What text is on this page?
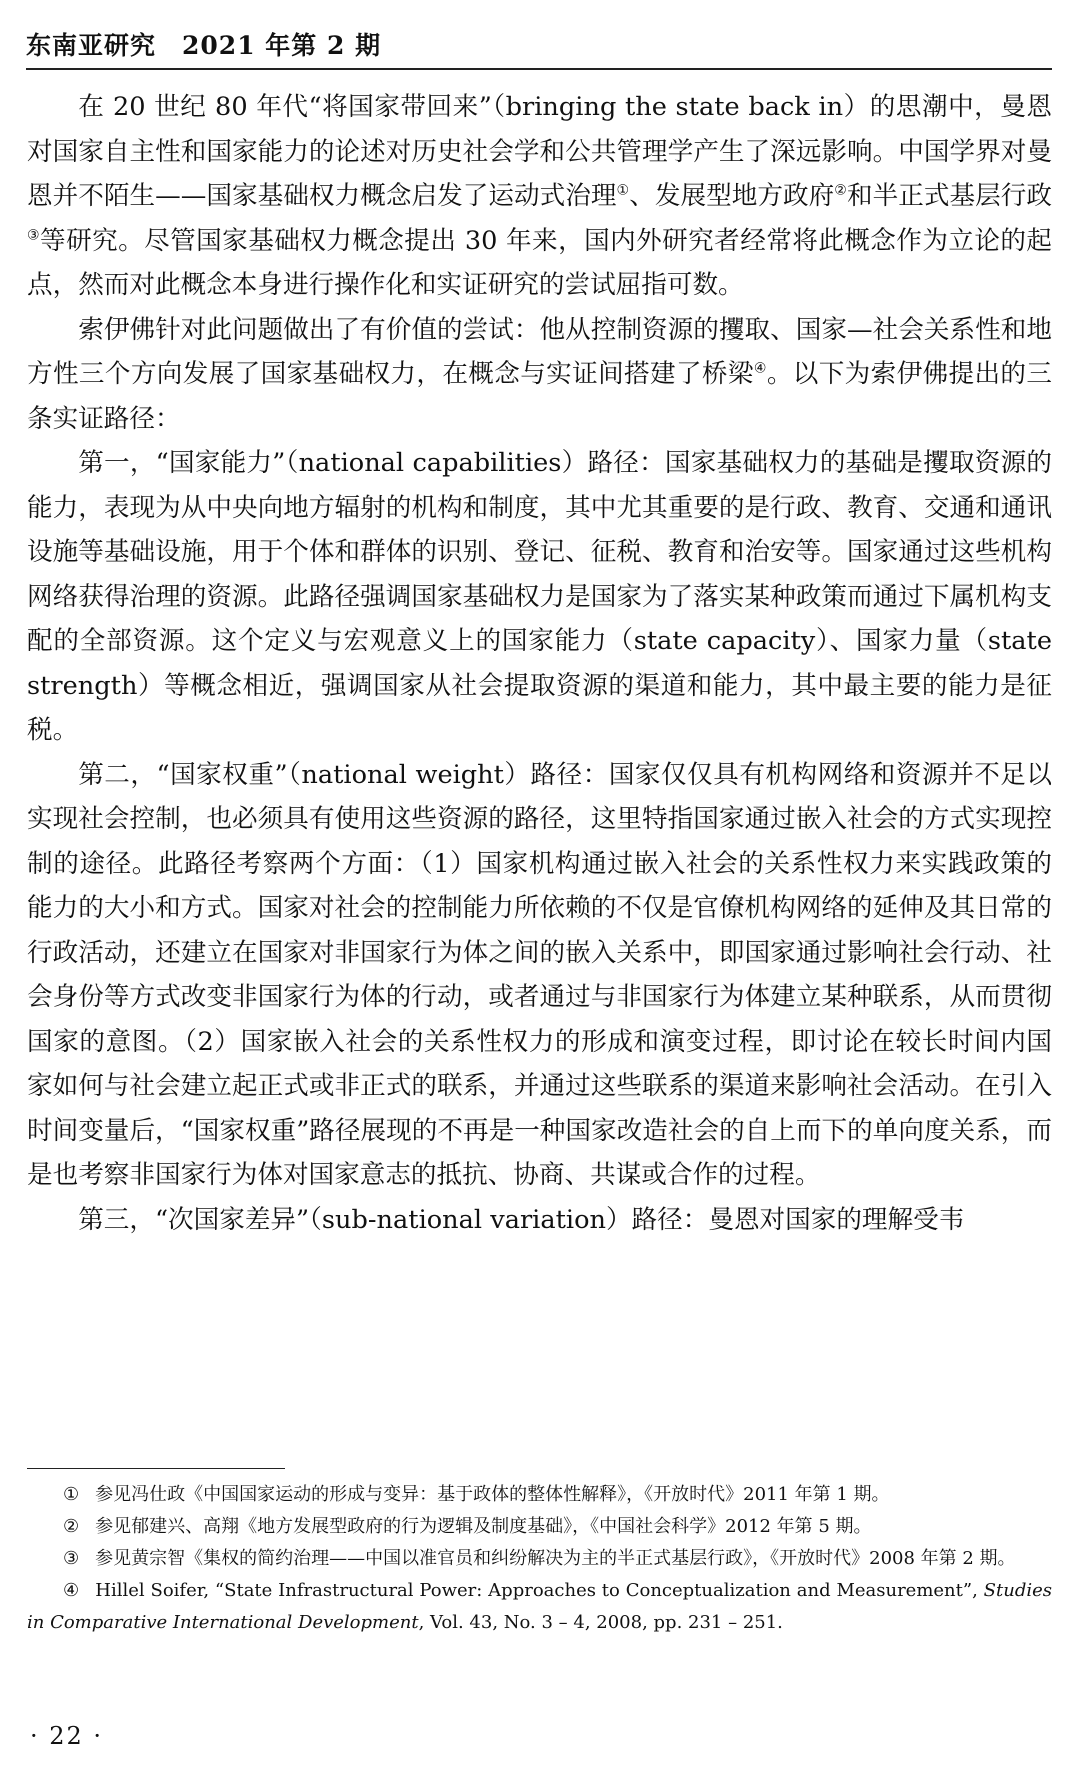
东南亚研究 2021 年第 2 期

在 20 世纪 80 年代“将国家带回来”（bringing the state back in）的思潮中，曼恩对国家自主性和国家能力的论述对历史社会学和公共管理学产生了深远影响。中国学界对曼恩并不陌生——国家基础权力概念启发了运动式治理①、发展型地方政府②和半正式基层行政③等研究。尽管国家基础权力概念提出 30 年来，国内外研究者经常将此概念作为立论的起点，然而对此概念本身进行操作化和实证研究的尝试屈指可数。

索伊佛针对此问题做出了有价值的尝试：他从控制资源的攫取、国家—社会关系性和地方性三个方向发展了国家基础权力，在概念与实证间搭建了桥梁④。以下为索伊佛提出的三条实证路径：

第一，“国家能力”（national capabilities）路径：国家基础权力的基础是攫取资源的能力，表现为从中央向地方辐射的机构和制度，其中尤其重要的是行政、教育、交通和通讯设施等基础设施，用于个体和群体的识别、登记、征税、教育和治安等。国家通过这些机构网络获得治理的资源。此路径强调国家基础权力是国家为了落实某种政策而通过下属机构支配的全部资源。这个定义与宏观意义上的国家能力（state capacity）、国家力量（state strength）等概念相近，强调国家从社会提取资源的渠道和能力，其中最主要的能力是征税。

第二，“国家权重”（national weight）路径：国家仅仅具有机构网络和资源并不足以实现社会控制，也必须具有使用这些资源的路径，这里特指国家通过嵌入社会的方式实现控制的途径。此路径考察两个方面：（1）国家机构通过嵌入社会的关系性权力来实践政策的能力的大小和方式。国家对社会的控制能力所依赖的不仅是官僚机构网络的延伸及其日常的行政活动，还建立在国家对非国家行为体之间的嵌入关系中，即国家通过影响社会行动、社会身份等方式改变非国家行为体的行动，或者通过与非国家行为体建立某种联系，从而贯彻国家的意图。（2）国家嵌入社会的关系性权力的形成和演变过程，即讨论在较长时间内国家如何与社会建立起正式或非正式的联系，并通过这些联系的渠道来影响社会活动。在引入时间变量后，“国家权重”路径展现的不再是一种国家改造社会的自上而下的单向度关系，而是也考察非国家行为体对国家意志的抵抗、协商、共谋或合作的过程。

第三，“次国家差异”（sub-national variation）路径：曼恩对国家的理解受韦

① 参见冯仕政《中国国家运动的形成与变异：基于政体的整体性解释》，《开放时代》2011 年第 1 期。

② 参见郁建兴、高翔《地方发展型政府的行为逻辑及制度基础》，《中国社会科学》2012 年第 5 期。

③ 参见黄宗智《集权的简约治理——中国以准官员和纠纷解决为主的半正式基层行政》，《开放时代》2008 年第 2 期。

④ Hillel Soifer, “State Infrastructural Power: Approaches to Conceptualization and Measurement”, Studies in Comparative International Development, Vol. 43, No. 3 – 4, 2008, pp. 231 – 251.

· 22 ·
